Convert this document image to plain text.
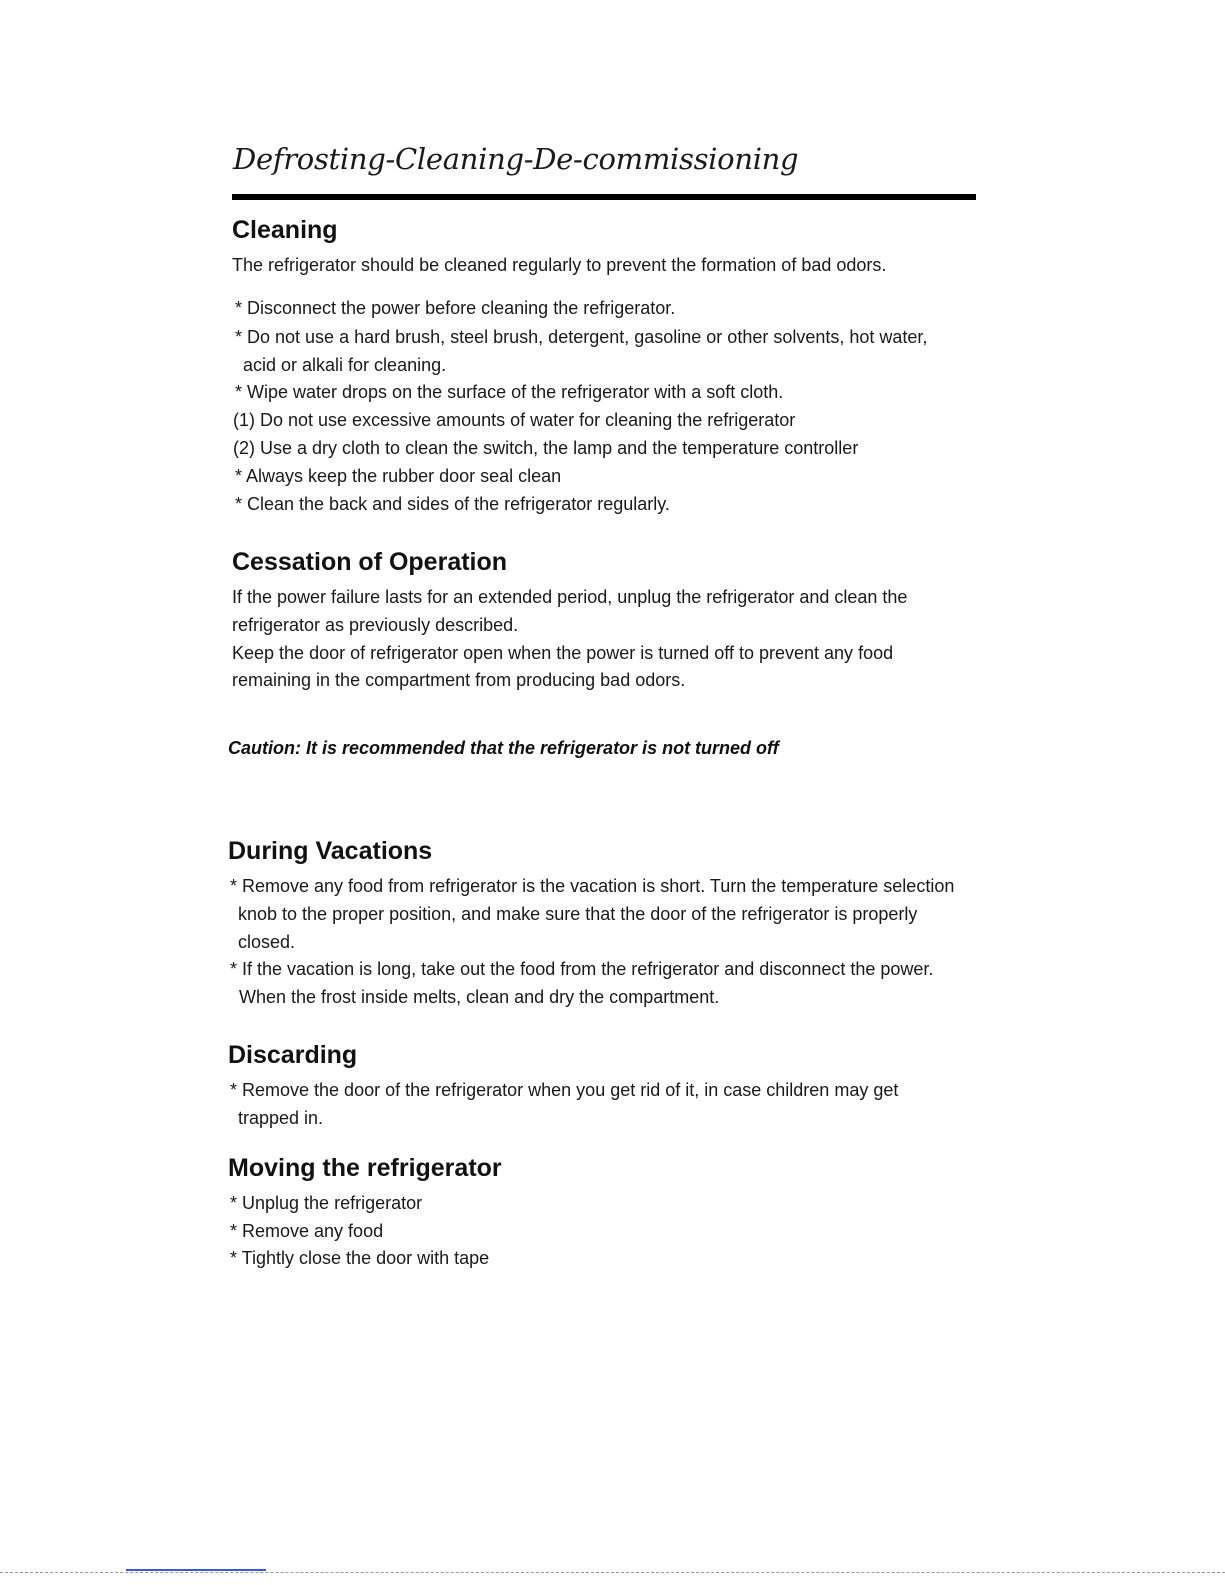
Defrosting-Cleaning-De-commissioning
Cleaning
The refrigerator should be cleaned regularly to prevent the formation of bad odors.
* Disconnect the power before cleaning the refrigerator.
* Do not use a hard brush, steel brush, detergent, gasoline or other solvents, hot water,
acid or alkali for cleaning.
* Wipe water drops on the surface of the refrigerator with a soft cloth.
(1) Do not use excessive amounts of water for cleaning the refrigerator
(2) Use a dry cloth to clean the switch, the lamp and the temperature controller
* Always keep the rubber door seal clean
* Clean the back and sides of the refrigerator regularly.
Cessation of Operation
If the power failure lasts for an extended period, unplug the refrigerator and clean the
refrigerator as previously described.
Keep the door of refrigerator open when the power is turned off to prevent any food
remaining in the compartment from producing bad odors.
Caution: It is recommended that the refrigerator is not turned off
During Vacations
* Remove any food from refrigerator is the vacation is short. Turn the temperature selection
knob to the proper position, and make sure that the door of the refrigerator is properly
closed.
* If the vacation is long, take out the food from the refrigerator and disconnect the power.
When the frost inside melts, clean and dry the compartment.
Discarding
* Remove the door of the refrigerator when you get rid of it, in case children may get
trapped in.
Moving the refrigerator
* Unplug the refrigerator
* Remove any food
* Tightly close the door with tape
